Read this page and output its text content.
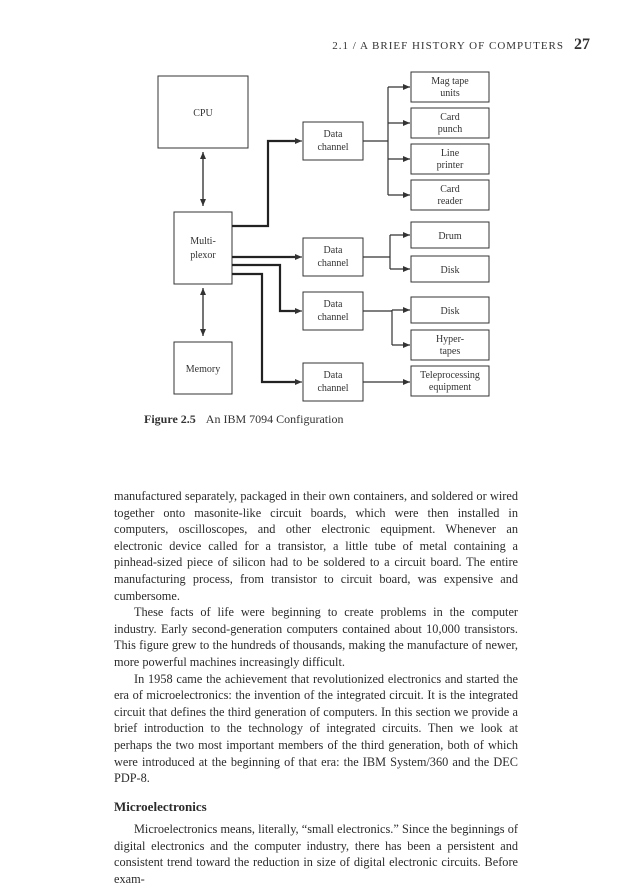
2.1 / A BRIEF HISTORY OF COMPUTERS 27
CPU
Multi-
plexor
Memory
Data
channel
Data
channel
Data
channel
Data
channel
Mag tape
units
Card
punch
Line
printer
Card
reader
Drum
Disk
Disk
Hyper-
tapes
Teleprocessing
equipment
Figure 2.5 An IBM 7094 Configuration

manufactured separately, packaged in their own containers, and soldered or wired together onto masonite-like circuit boards, which were then installed in computers, oscilloscopes, and other electronic equipment. Whenever an electronic device called for a transistor, a little tube of metal containing a pinhead-sized piece of silicon had to be soldered to a circuit board. The entire manufacturing process, from transistor to circuit board, was expensive and cumbersome.

These facts of life were beginning to create problems in the computer industry. Early second-generation computers contained about 10,000 transistors. This figure grew to the hundreds of thousands, making the manufacture of newer, more powerful machines increasingly difficult.

In 1958 came the achievement that revolutionized electronics and started the era of microelectronics: the invention of the integrated circuit. It is the integrated circuit that defines the third generation of computers. In this section we provide a brief introduction to the technology of integrated circuits. Then we look at perhaps the two most important members of the third generation, both of which were introduced at the beginning of that era: the IBM System/360 and the DEC PDP-8.

Microelectronics

Microelectronics means, literally, “small electronics.” Since the beginnings of digital electronics and the computer industry, there has been a persistent and consistent trend toward the reduction in size of digital electronic circuits. Before exam-
